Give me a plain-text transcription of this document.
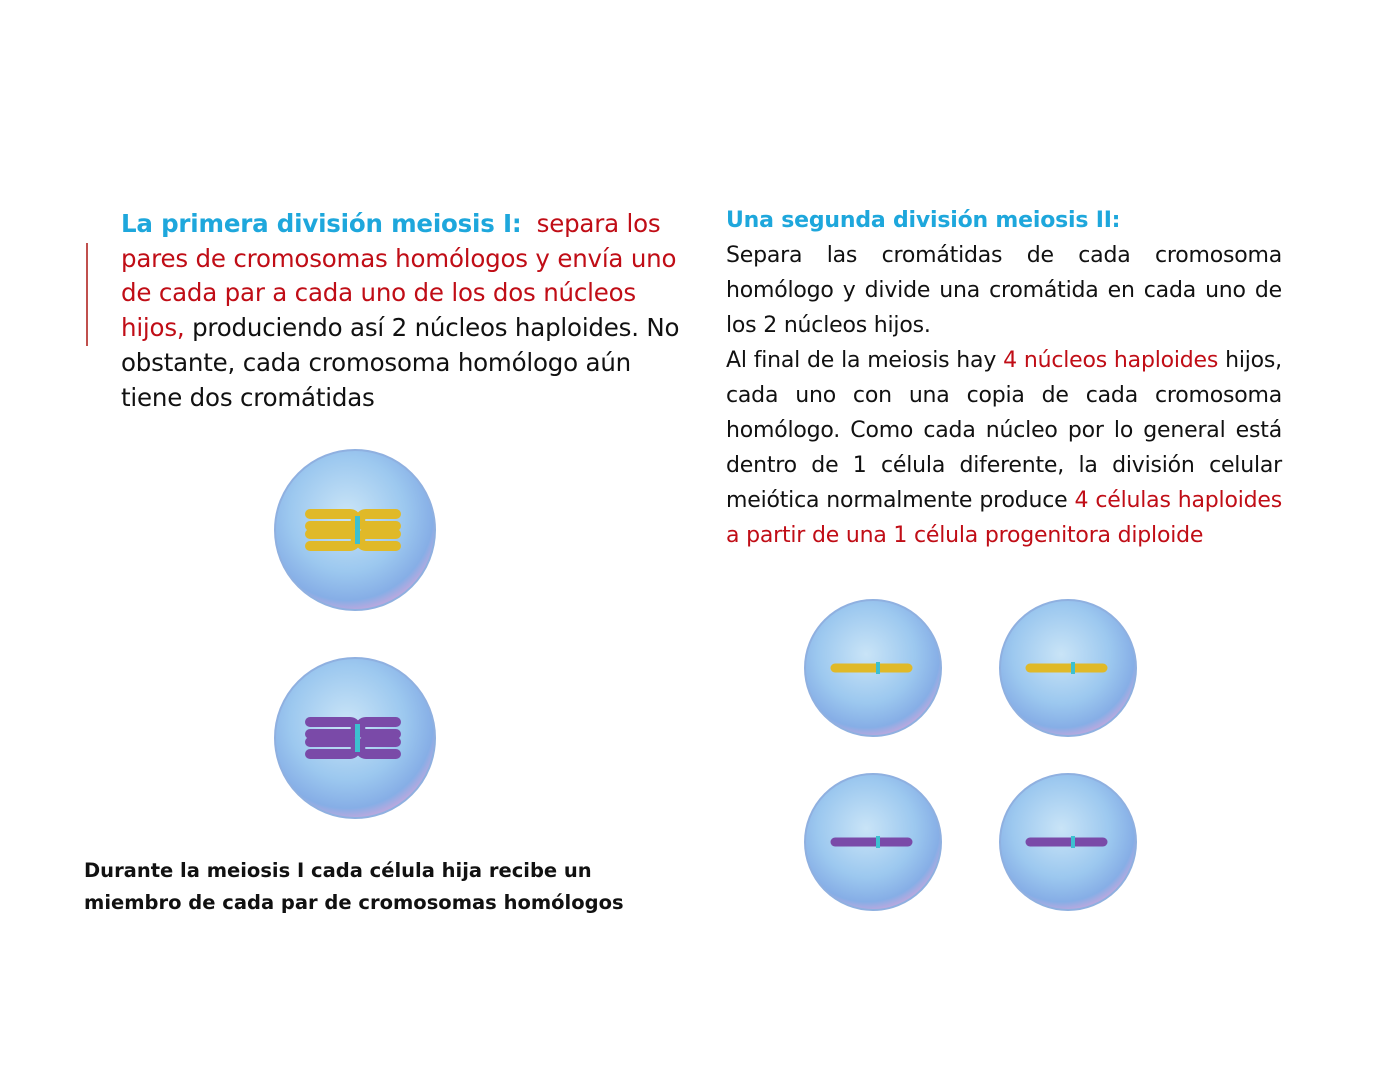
La primera división meiosis I: separa los pares de cromosomas homólogos y envía uno de cada par a cada uno de los dos núcleos hijos, produciendo así 2 núcleos haploides. No obstante, cada cromosoma homólogo aún tiene dos cromátidas

Una segunda división meiosis II:

Separa las cromátidas de cada cromosoma homólogo y divide una cromátida en cada uno de los 2 núcleos hijos.

Al final de la meiosis hay 4 núcleos haploides hijos, cada uno con una copia de cada cromosoma homólogo. Como cada núcleo por lo general está dentro de 1 célula diferente, la división celular meiótica normalmente produce 4 células haploides a partir de una 1 célula progenitora diploide

Durante la meiosis I cada célula hija recibe un miembro de cada par de cromosomas homólogos
